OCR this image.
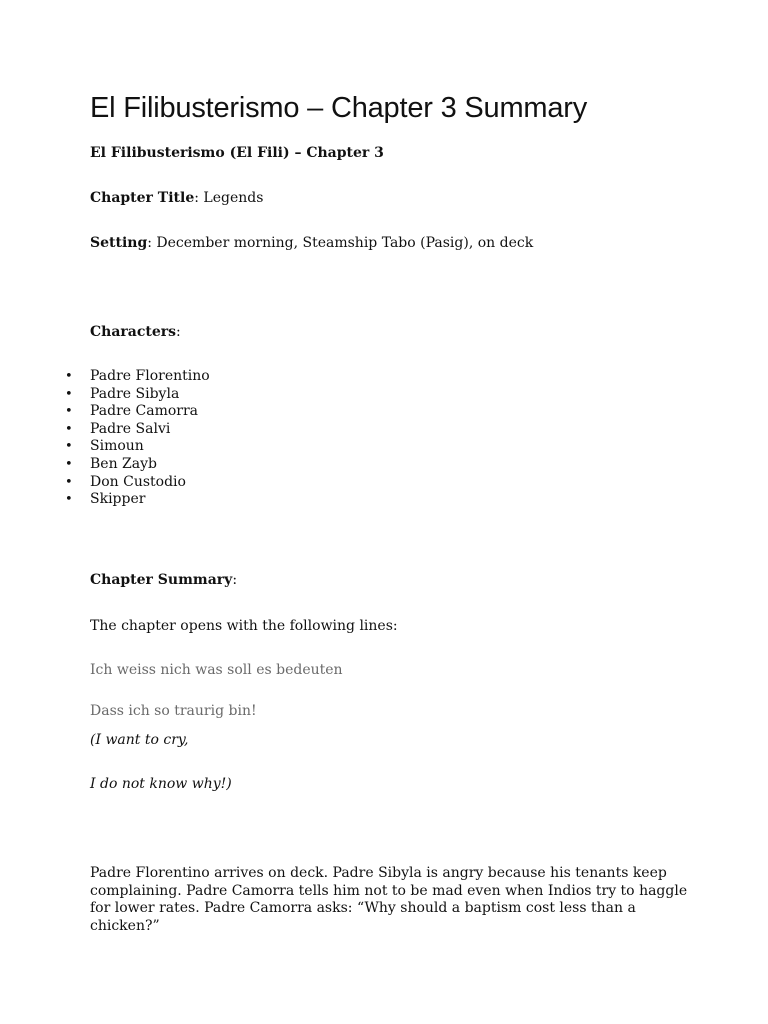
El Filibusterismo – Chapter 3 Summary

El Filibusterismo (El Fili) – Chapter 3

Chapter Title: Legends

Setting: December morning, Steamship Tabo (Pasig), on deck

Characters:

• Padre Florentino
• Padre Sibyla
• Padre Camorra
• Padre Salvi
• Simoun
• Ben Zayb
• Don Custodio
• Skipper

Chapter Summary:

The chapter opens with the following lines:

Ich weiss nich was soll es bedeuten

Dass ich so traurig bin!

(I want to cry,

I do not know why!)

Padre Florentino arrives on deck. Padre Sibyla is angry because his tenants keep complaining. Padre Camorra tells him not to be mad even when Indios try to haggle for lower rates. Padre Camorra asks: “Why should a baptism cost less than a chicken?”
